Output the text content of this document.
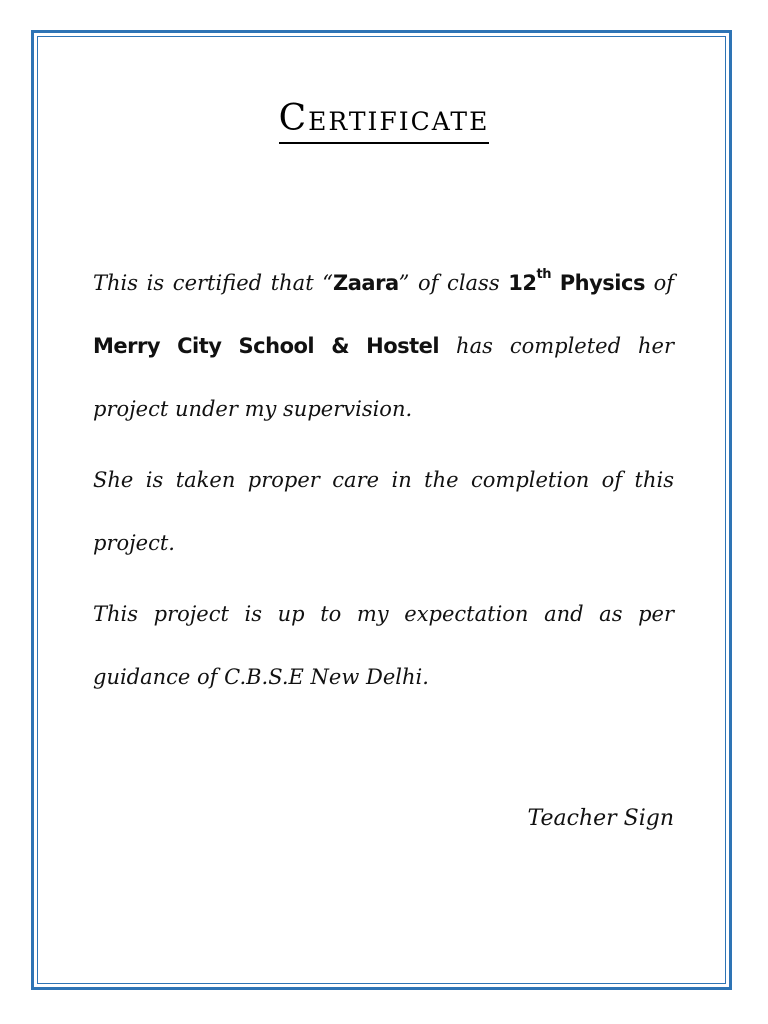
Certificate

This is certified that “Zaara” of class 12th Physics of Merry City School & Hostel has completed her project under my supervision.

She is taken proper care in the completion of this project.

This project is up to my expectation and as per guidance of C.B.S.E New Delhi.

Teacher Sign
